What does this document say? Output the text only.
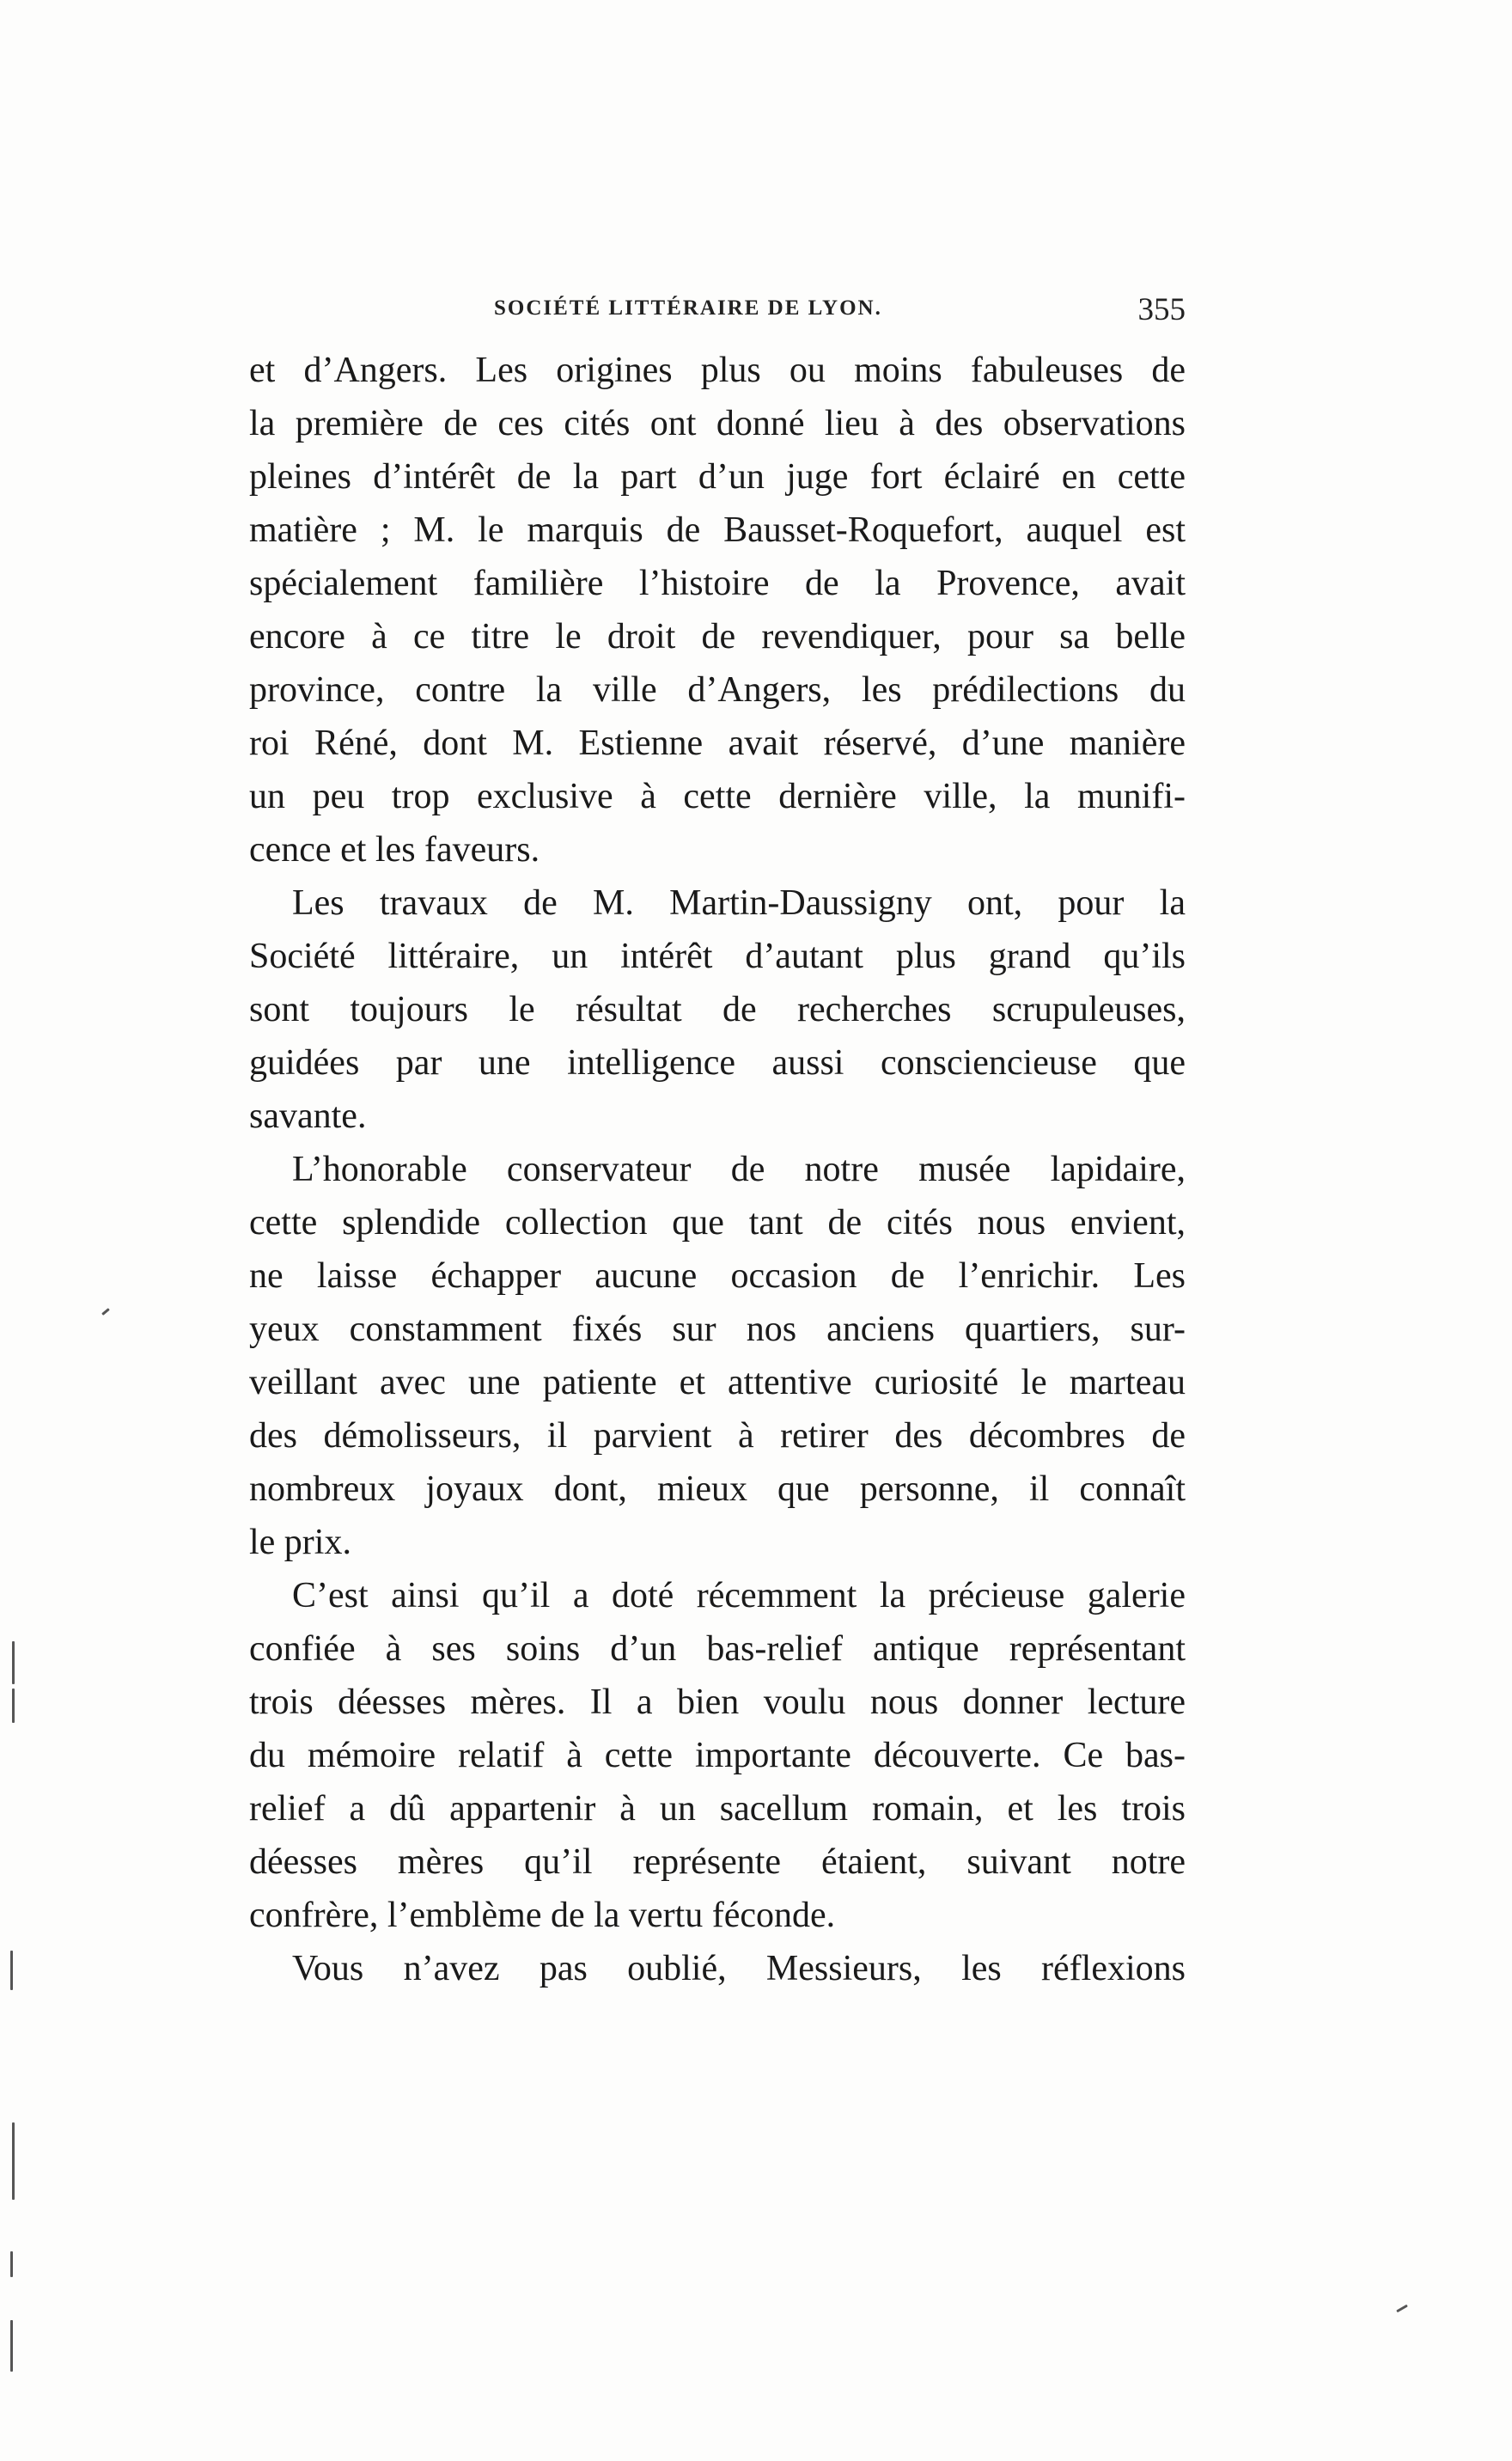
SOCIÉTÉ LITTÉRAIRE DE LYON.	355
et d’Angers. Les origines plus ou moins fabuleuses de
la première de ces cités ont donné lieu à des observations
pleines d’intérêt de la part d’un juge fort éclairé en cette
matière ; M. le marquis de Bausset-Roquefort, auquel est
spécialement familière l’histoire de la Provence, avait
encore à ce titre le droit de revendiquer, pour sa belle
province, contre la ville d’Angers, les prédilections du
roi Réné, dont M. Estienne avait réservé, d’une manière
un peu trop exclusive à cette dernière ville, la munifi-
cence et les faveurs.
Les travaux de M. Martin-Daussigny ont, pour la
Société littéraire, un intérêt d’autant plus grand qu’ils
sont toujours le résultat de recherches scrupuleuses,
guidées par une intelligence aussi consciencieuse que
savante.
L’honorable conservateur de notre musée lapidaire,
cette splendide collection que tant de cités nous envient,
ne laisse échapper aucune occasion de l’enrichir. Les
yeux constamment fixés sur nos anciens quartiers, sur-
veillant avec une patiente et attentive curiosité le marteau
des démolisseurs, il parvient à retirer des décombres de
nombreux joyaux dont, mieux que personne, il connaît
le prix.
C’est ainsi qu’il a doté récemment la précieuse galerie
confiée à ses soins d’un bas-relief antique représentant
trois déesses mères. Il a bien voulu nous donner lecture
du mémoire relatif à cette importante découverte. Ce bas-
relief a dû appartenir à un sacellum romain, et les trois
déesses mères qu’il représente étaient, suivant notre
confrère, l’emblème de la vertu féconde.
Vous n’avez pas oublié, Messieurs, les réflexions
